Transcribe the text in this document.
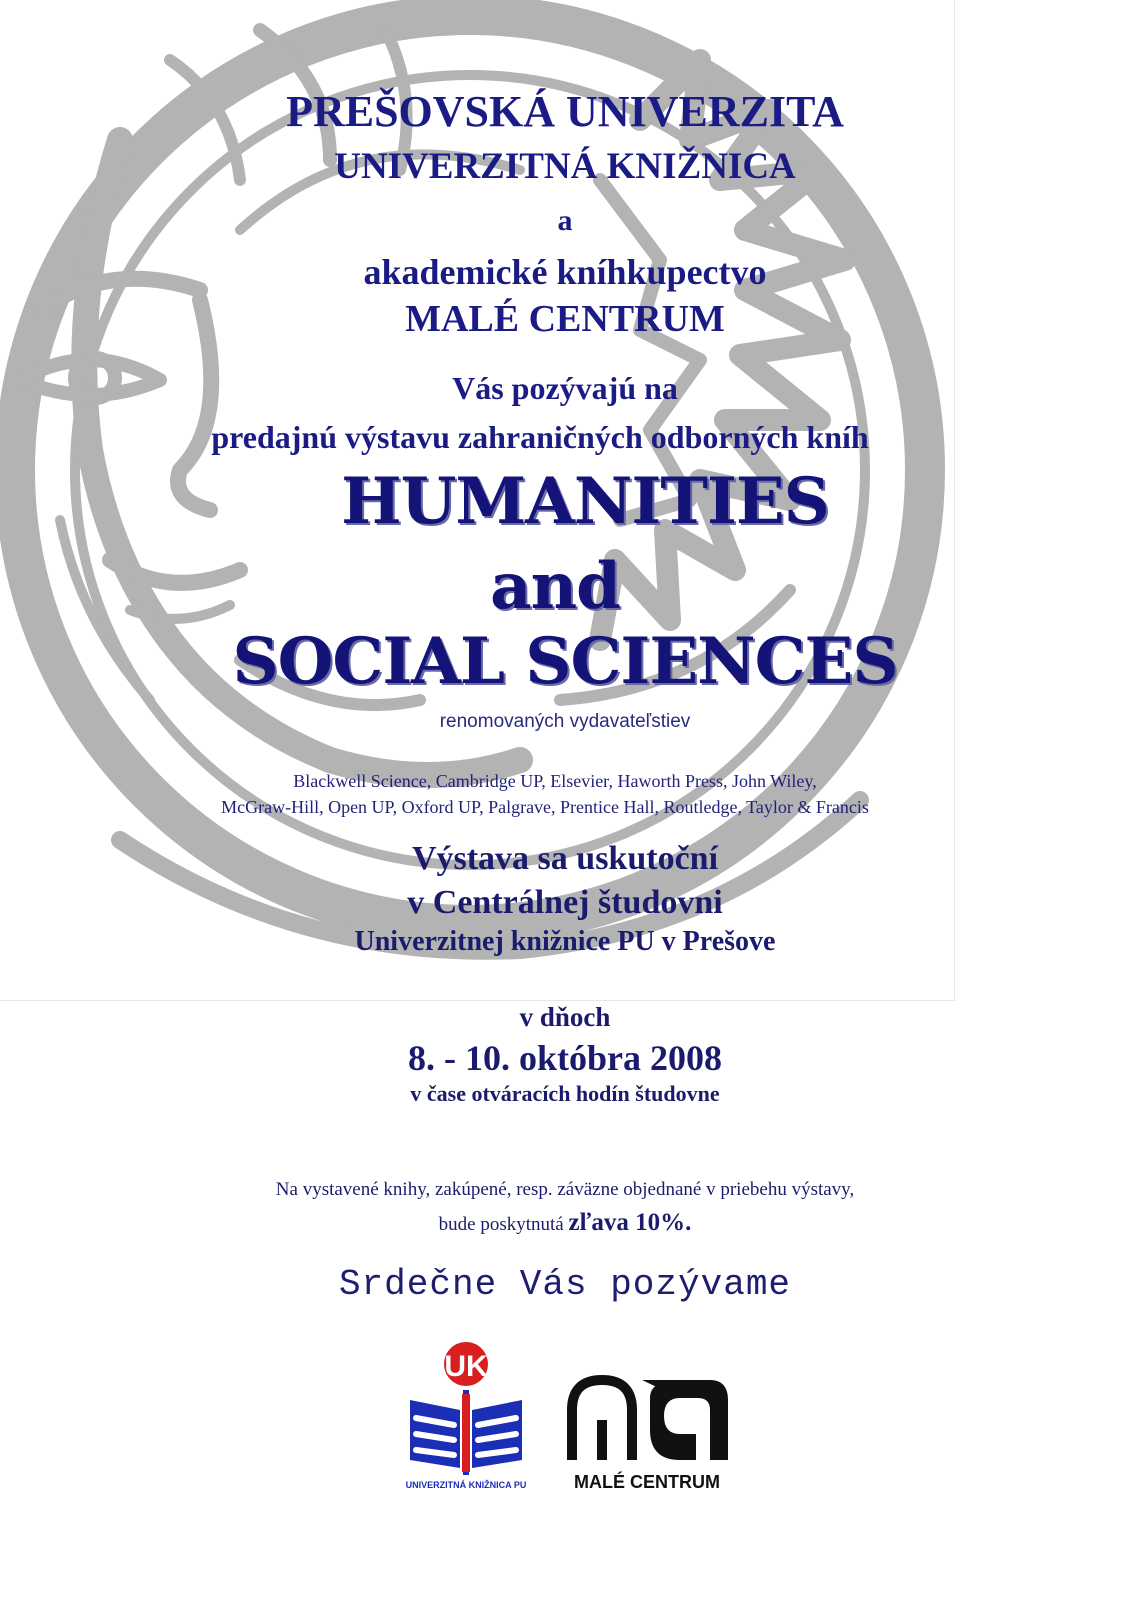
PREŠOVSKÁ UNIVERZITA
UNIVERZITNÁ KNIŽNICA
a
akademické kníhkupectvo
MALÉ CENTRUM
Vás pozývajú na
predajnú výstavu zahraničných odborných kníh
HUMANITIES
and
SOCIAL SCIENCES
renomovaných vydavateľstiev
Blackwell Science, Cambridge UP, Elsevier, Haworth Press, John Wiley,
McGraw-Hill, Open UP, Oxford UP, Palgrave, Prentice Hall, Routledge, Taylor & Francis
Výstava sa uskutoční
v Centrálnej študovni
Univerzitnej knižnice PU v Prešove
v dňoch
8. - 10. októbra 2008
v čase otváracích hodín študovne
Na vystavené knihy, zakúpené, resp. záväzne objednané v priebehu výstavy,
bude poskytnutá zľava 10%.
Srdečne Vás pozývame
UK
UNIVERZITNÁ KNIŽNICA PU	MALÉ CENTRUM
